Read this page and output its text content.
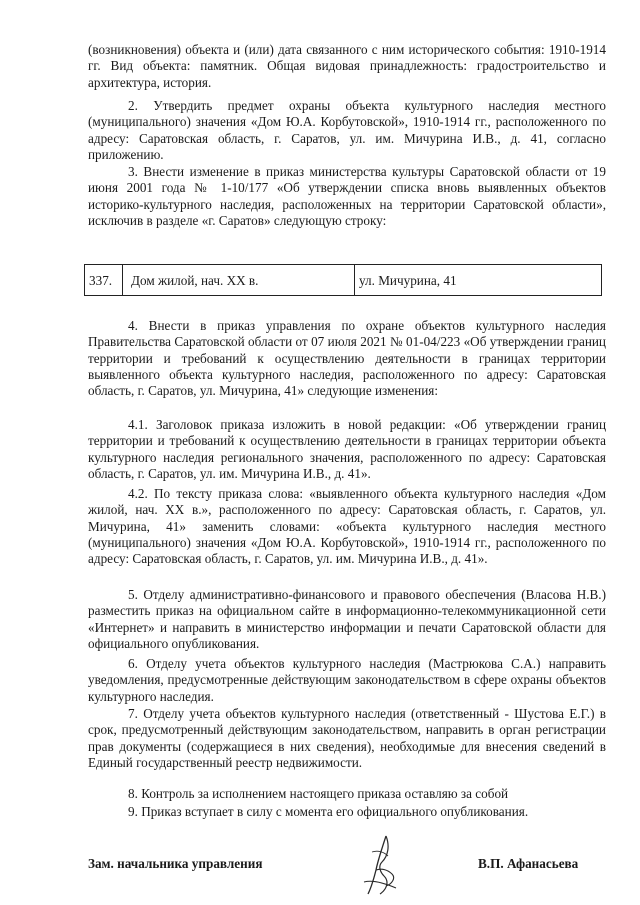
(возникновения) объекта и (или) дата связанного с ним исторического события: 1910-1914 гг. Вид объекта: памятник. Общая видовая принадлежность: градостроительство и архитектура, история.

2. Утвердить предмет охраны объекта культурного наследия местного (муниципального) значения «Дом Ю.А. Корбутовской», 1910-1914 гг., расположенного по адресу: Саратовская область, г. Саратов, ул. им. Мичурина И.В., д. 41, согласно приложению.

3. Внести изменение в приказ министерства культуры Саратовской области от 19 июня 2001 года № 1-10/177 «Об утверждении списка вновь выявленных объектов историко-культурного наследия, расположенных на территории Саратовской области», исключив в разделе «г. Саратов» следующую строку:

337.	Дом жилой, нач. XX в.	ул. Мичурина, 41

4. Внести в приказ управления по охране объектов культурного наследия Правительства Саратовской области от 07 июля 2021 № 01-04/223 «Об утверждении границ территории и требований к осуществлению деятельности в границах территории выявленного объекта культурного наследия, расположенного по адресу: Саратовская область, г. Саратов, ул. Мичурина, 41» следующие изменения:

4.1. Заголовок приказа изложить в новой редакции: «Об утверждении границ территории и требований к осуществлению деятельности в границах территории объекта культурного наследия регионального значения, расположенного по адресу: Саратовская область, г. Саратов, ул. им. Мичурина И.В., д. 41».

4.2. По тексту приказа слова: «выявленного объекта культурного наследия «Дом жилой, нач. XX в.», расположенного по адресу: Саратовская область, г. Саратов, ул. Мичурина, 41» заменить словами: «объекта культурного наследия местного (муниципального) значения «Дом Ю.А. Корбутовской», 1910-1914 гг., расположенного по адресу: Саратовская область, г. Саратов, ул. им. Мичурина И.В., д. 41».

5. Отделу административно-финансового и правового обеспечения (Власова Н.В.) разместить приказ на официальном сайте в информационно-телекоммуникационной сети «Интернет» и направить в министерство информации и печати Саратовской области для официального опубликования.

6. Отделу учета объектов культурного наследия (Мастрюкова С.А.) направить уведомления, предусмотренные действующим законодательством в сфере охраны объектов культурного наследия.

7. Отделу учета объектов культурного наследия (ответственный - Шустова Е.Г.) в срок, предусмотренный действующим законодательством, направить в орган регистрации прав документы (содержащиеся в них сведения), необходимые для внесения сведений в Единый государственный реестр недвижимости.

8. Контроль за исполнением настоящего приказа оставляю за собой

9. Приказ вступает в силу с момента его официального опубликования.

Зам. начальника управления	В.П. Афанасьева
